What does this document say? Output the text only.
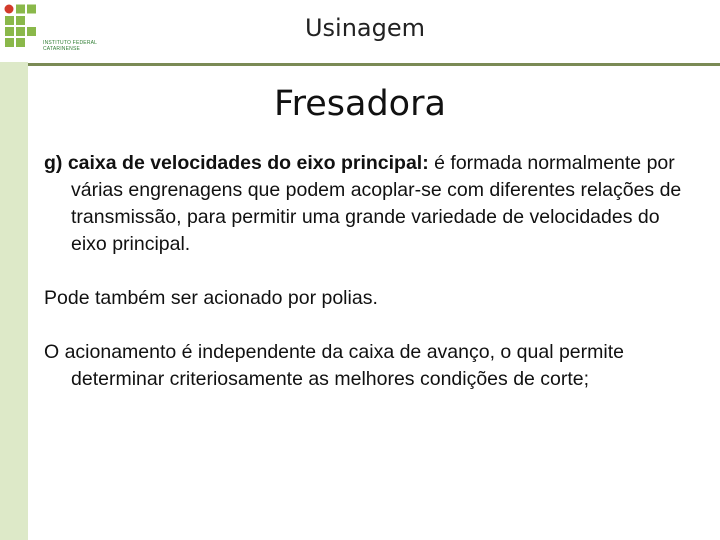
INSTITUTO FEDERAL
CATARINENSE
Usinagem
Fresadora

g) caixa de velocidades do eixo principal: é formada normalmente por várias engrenagens que podem acoplar-se com diferentes relações de transmissão, para permitir uma grande variedade de velocidades do eixo principal.

Pode também ser acionado por polias.

O acionamento é independente da caixa de avanço, o qual permite determinar criteriosamente as melhores condições de corte;
